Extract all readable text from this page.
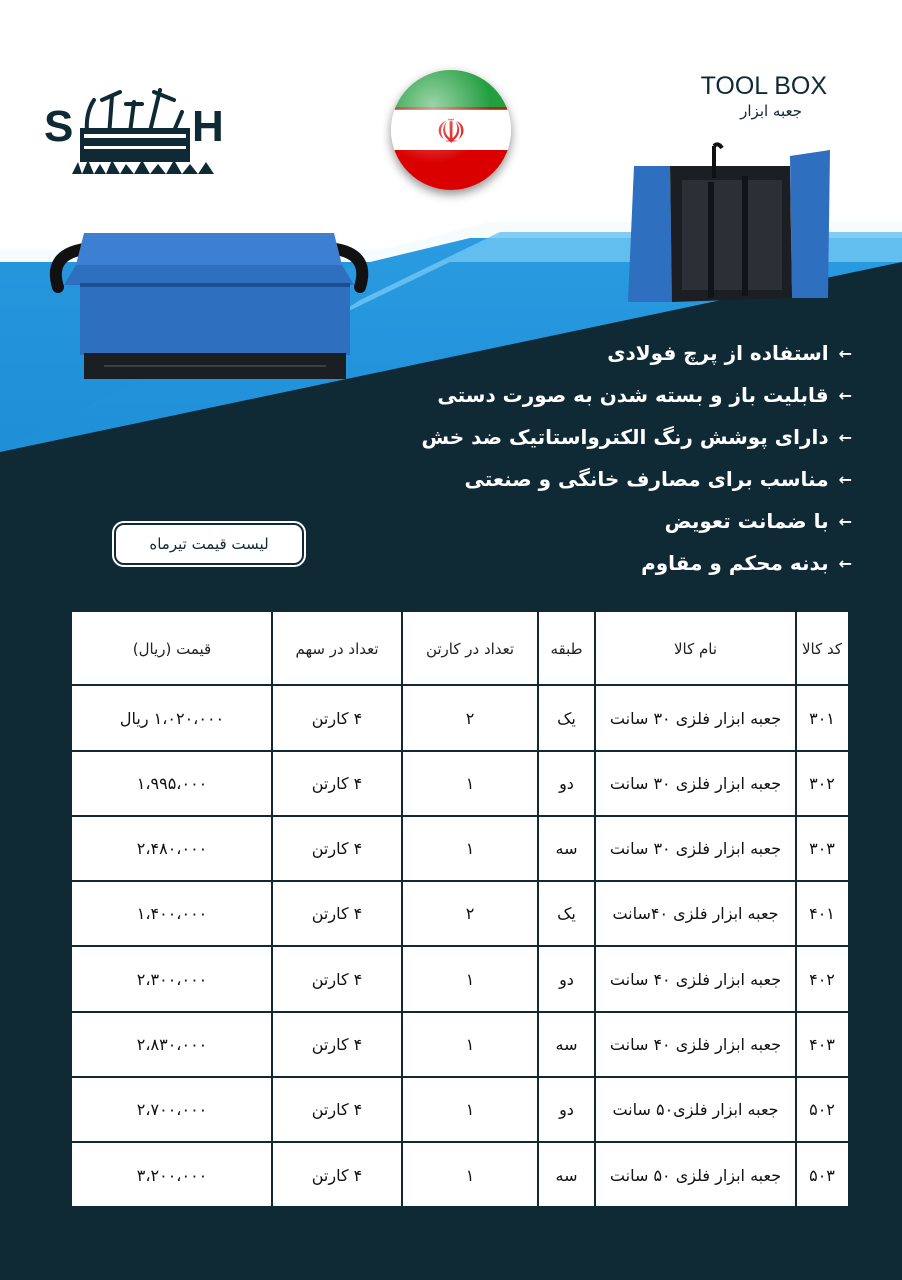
S	H
TOOL BOX
جعبه ابزار
←
استفاده از پرچ فولادی
←
قابلیت باز و بسته شدن به صورت دستی
←
دارای پوشش رنگ الکترواستاتیک ضد خش
←
مناسب برای مصارف خانگی و صنعتی
←
با ضمانت تعویض
←
بدنه محکم و مقاوم
لیست قیمت تیرماه
کد کالا
نام کالا
طبقه
تعداد در کارتن
تعداد در سهم
قیمت (ریال)
۳۰۱
جعبه ابزار فلزی ۳۰ سانت
یک
۲
۴ کارتن
۱،۰۲۰،۰۰۰ ریال
۳۰۲
جعبه ابزار فلزی ۳۰ سانت
دو
۱
۴ کارتن
۱،۹۹۵،۰۰۰
۳۰۳
جعبه ابزار فلزی ۳۰ سانت
سه
۱
۴ کارتن
۲،۴۸۰،۰۰۰
۴۰۱
جعبه ابزار فلزی ۴۰سانت
یک
۲
۴ کارتن
۱،۴۰۰،۰۰۰
۴۰۲
جعبه ابزار فلزی ۴۰ سانت
دو
۱
۴ کارتن
۲،۳۰۰،۰۰۰
۴۰۳
جعبه ابزار فلزی ۴۰ سانت
سه
۱
۴ کارتن
۲،۸۳۰،۰۰۰
۵۰۲
جعبه ابزار فلزی۵۰ سانت
دو
۱
۴ کارتن
۲،۷۰۰،۰۰۰
۵۰۳
جعبه ابزار فلزی ۵۰ سانت
سه
۱
۴ کارتن
۳،۲۰۰،۰۰۰
